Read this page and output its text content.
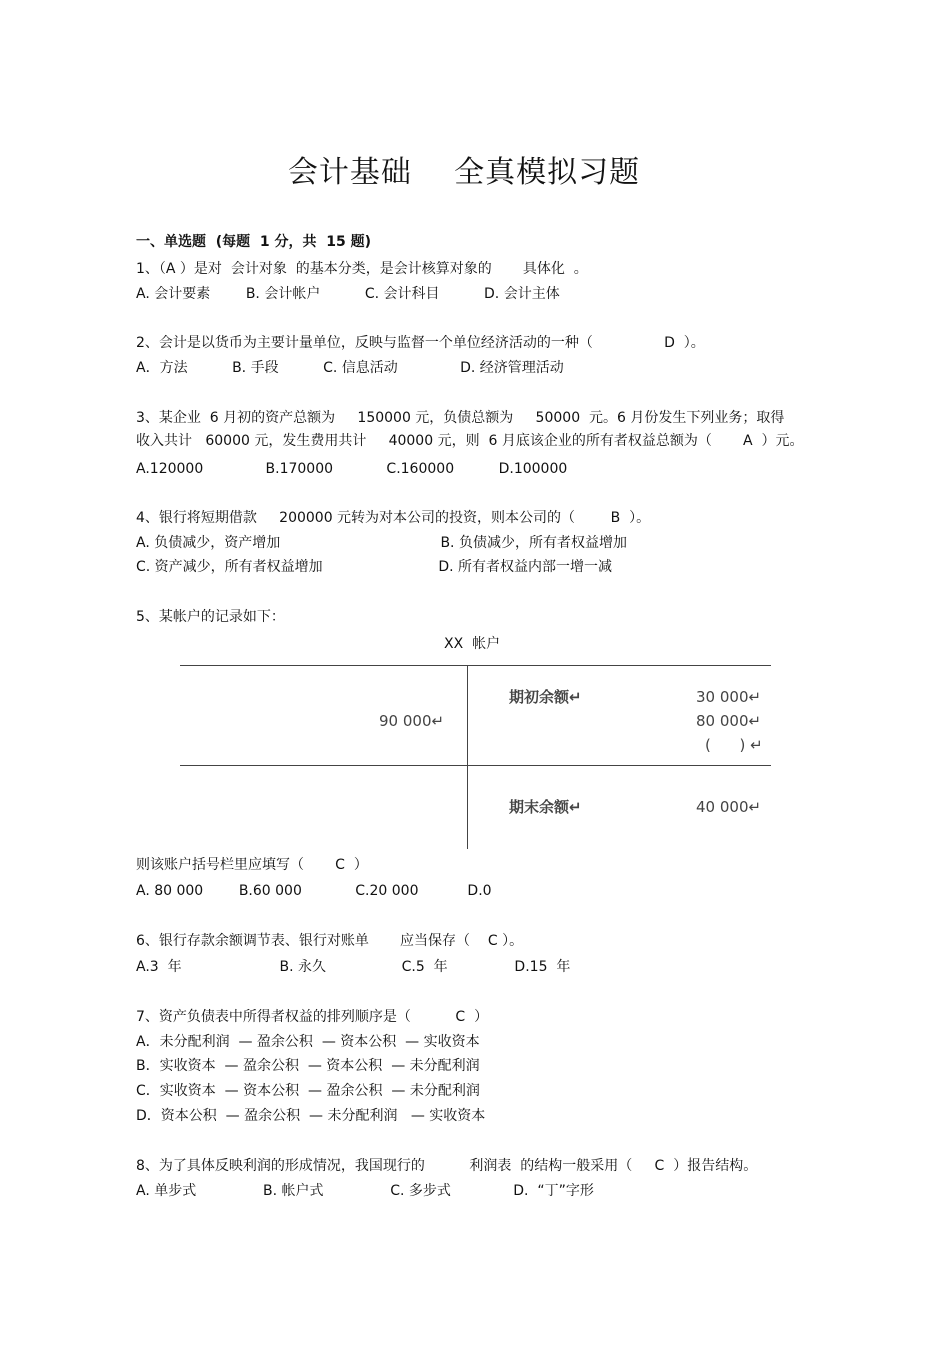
会计基础    全真模拟习题
一、单选题  (每题  1 分，共  15 题)
1、（A ）是对  会计对象  的基本分类，是会计核算对象的       具体化  。
A. 会计要素        B. 会计帐户          C. 会计科目          D. 会计主体
2、会计是以货币为主要计量单位，反映与监督一个单位经济活动的一种（                D  ）。
A．方法          B. 手段          C. 信息活动              D. 经济管理活动
3、某企业  6 月初的资产总额为     150000 元，负债总额为     50000  元。6 月份发生下列业务；取得
收入共计   60000 元，发生费用共计     40000 元，则  6 月底该企业的所有者权益总额为（       A  ）元。
A.120000              B.170000            C.160000          D.100000
4、银行将短期借款     200000 元转为对本公司的投资，则本公司的（        B  ）。
A. 负债减少，资产增加                                    B. 负债减少，所有者权益增加
C. 资产减少，所有者权益增加                          D. 所有者权益内部一增一减
5、某帐户的记录如下：
则该账户括号栏里应填写（       C  ）
A. 80 000        B.60 000            C.20 000           D.0
6、银行存款余额调节表、银行对账单       应当保存（    C ）。
A.3  年                      B. 永久                 C.5  年               D.15  年
7、资产负债表中所得者权益的排列顺序是（          C  ）
A．未分配利润  — 盈余公积  — 资本公积  — 实收资本
B．实收资本  — 盈余公积  — 资本公积  — 未分配利润
C．实收资本  — 资本公积  — 盈余公积  — 未分配利润
D．资本公积  — 盈余公积  — 未分配利润   — 实收资本
8、为了具体反映利润的形成情况，我国现行的          利润表  的结构一般采用（     C  ）报告结构。
A. 单步式               B. 帐户式               C. 多步式              D.  “丁”字形
XX  帐户
90 000↵
期初余额↵	30 000↵
80 000↵
(      ) ↵
期末余额↵	40 000↵
